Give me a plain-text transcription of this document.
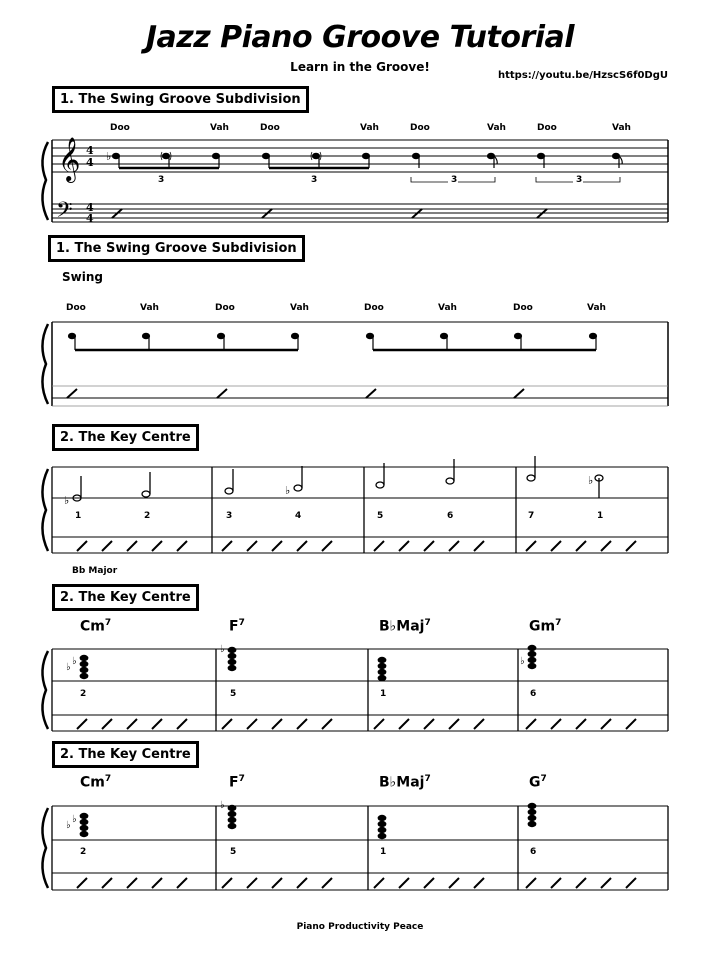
Jazz Piano Groove Tutorial
Learn in the Groove!
https://youtu.be/HzscS6f0DgU
1. The Swing Groove Subdivision
1. The Swing Groove Subdivision
Swing
2. The Key Centre
Bb Major
2. The Key Centre
2. The Key Centre
Doo	Vah	Doo	Vah	Doo	Vah	Doo	Vah
3	3	3	3
Doo	Vah	Doo	Vah	Doo	Vah	Doo	Vah
1	2	3	4	5	6	7	1
Cm$^7$	$F^7$	B♭Maj$^7$	Gm$^7$
2	5	1	6
Cm$^7$	$F^7$	B♭Maj$^7$	$G^7$
2	5	1	6
Piano Productivity Peace
𝄞
𝄢
4
4
4
4
♭
♭
♭
♭
♭
♭
♭
♭
♭
♭
♭
